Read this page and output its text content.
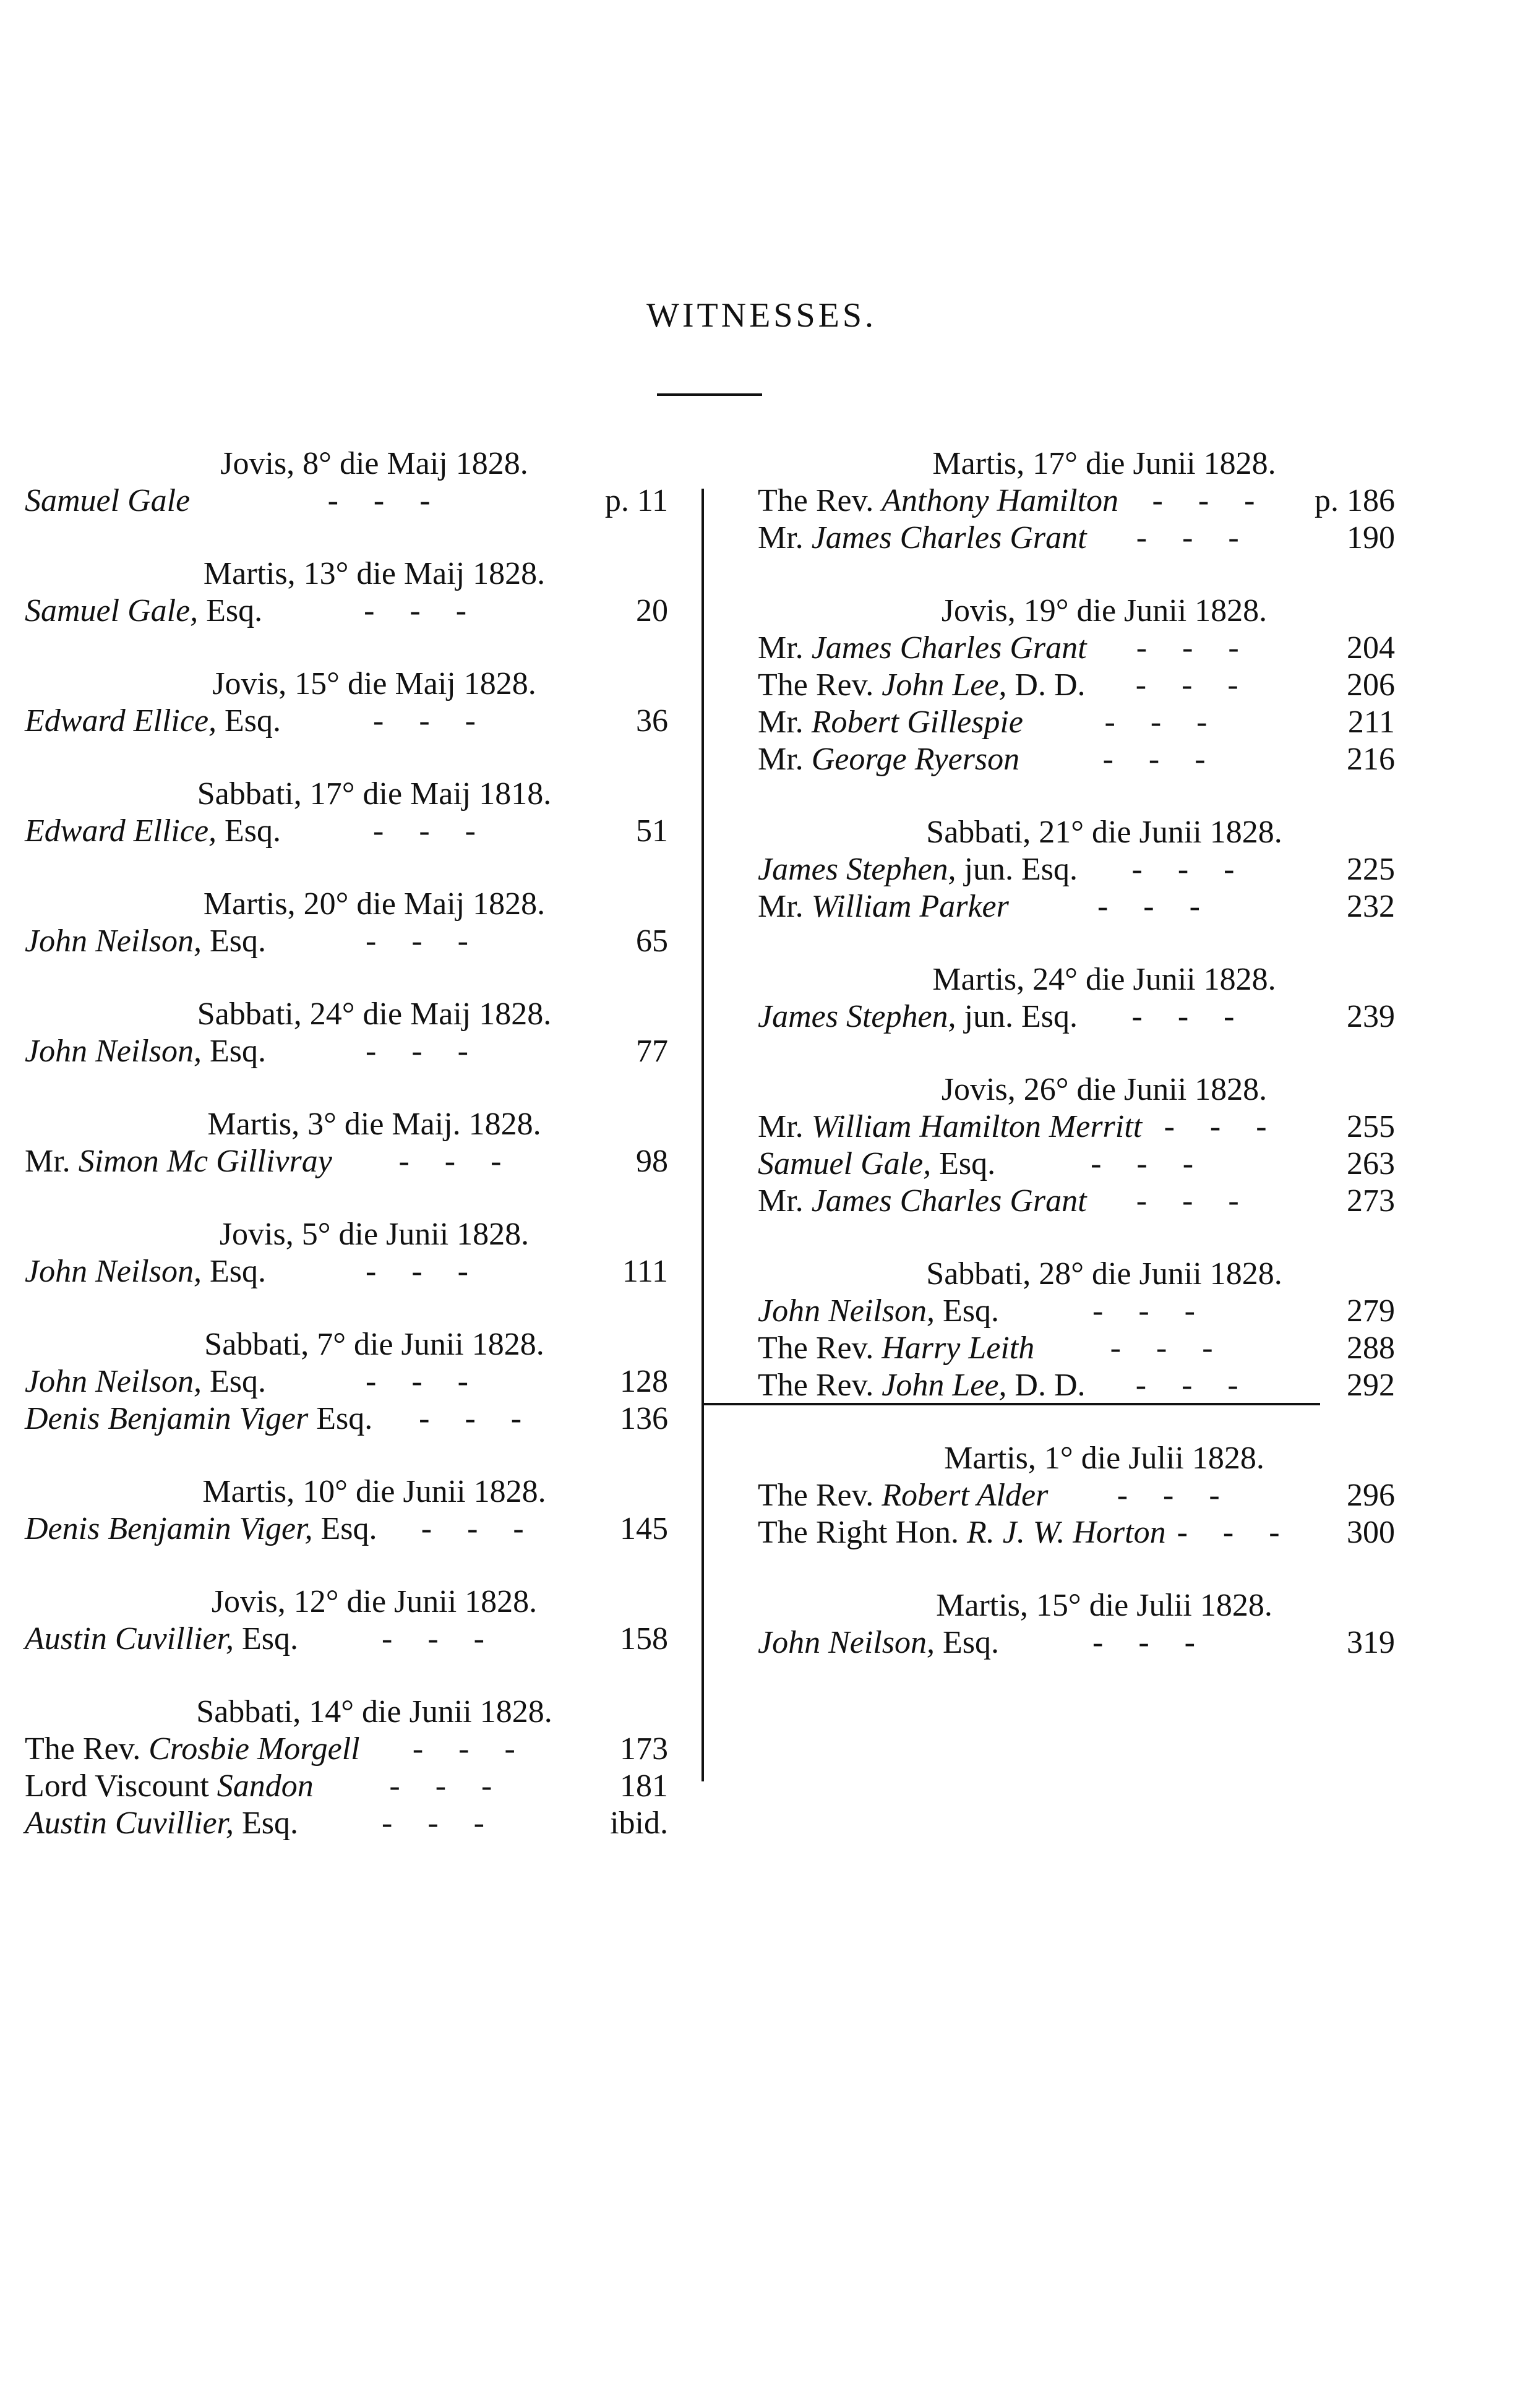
WITNESSES.
Jovis, 8° die Maij 1828.
Samuel Gale	- - -	p. 11
Martis, 13° die Maij 1828.
Samuel Gale, Esq.	- - -	20
Jovis, 15° die Maij 1828.
Edward Ellice, Esq.	- - -	36
Sabbati, 17° die Maij 1818.
Edward Ellice, Esq.	- - -	51
Martis, 20° die Maij 1828.
John Neilson, Esq.	- - -	65
Sabbati, 24° die Maij 1828.
John Neilson, Esq.	- - -	77
Martis, 3° die Maij. 1828.
Mr. Simon Mc Gillivray	- - -	98
Jovis, 5° die Junii 1828.
John Neilson, Esq.	- - -	111
Sabbati, 7° die Junii 1828.
John Neilson, Esq.	- - -	128
Denis Benjamin Viger Esq.	- - -	136
Martis, 10° die Junii 1828.
Denis Benjamin Viger, Esq.	- - -	145
Jovis, 12° die Junii 1828.
Austin Cuvillier, Esq.	- - -	158
Sabbati, 14° die Junii 1828.
The Rev. Crosbie Morgell	- - -	173
Lord Viscount Sandon	- - -	181
Austin Cuvillier, Esq.	- - -	ibid.
Martis, 17° die Junii 1828.
The Rev. Anthony Hamilton	- - -	p. 186
Mr. James Charles Grant	- - -	190
Jovis, 19° die Junii 1828.
Mr. James Charles Grant	- - -	204
The Rev. John Lee, D. D.	- - -	206
Mr. Robert Gillespie	- - -	211
Mr. George Ryerson	- - -	216
Sabbati, 21° die Junii 1828.
James Stephen, jun. Esq.	- - -	225
Mr. William Parker	- - -	232
Martis, 24° die Junii 1828.
James Stephen, jun. Esq.	- - -	239
Jovis, 26° die Junii 1828.
Mr. William Hamilton Merritt - - -	255
Samuel Gale, Esq.	- - -	263
Mr. James Charles Grant	- - -	273
Sabbati, 28° die Junii 1828.
John Neilson, Esq.	- - -	279
The Rev. Harry Leith	- - -	288
The Rev. John Lee, D. D.	- - -	292
Martis, 1° die Julii 1828.
The Rev. Robert Alder	- - -	296
The Right Hon. R. J. W. Horton - - -	300
Martis, 15° die Julii 1828.
John Neilson, Esq.	- - -	319
